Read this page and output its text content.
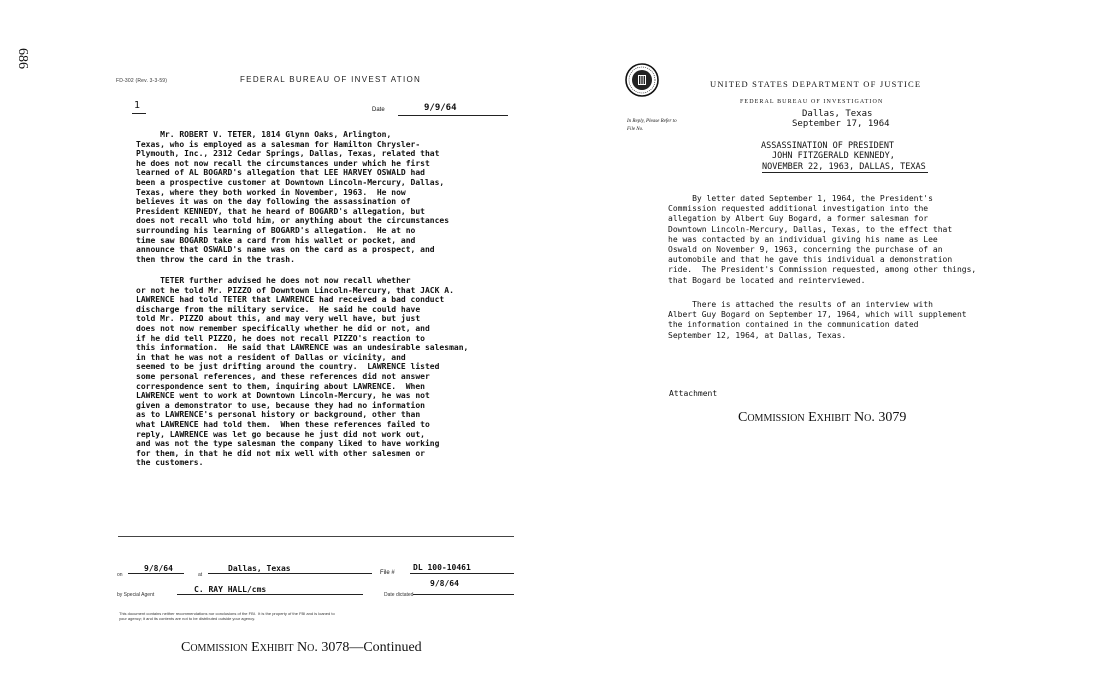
686
FD-302 (Rev. 3-3-59)	FEDERAL BUREAU OF INVEST ATION
1	Date	9/9/64
Mr. ROBERT V. TETER, 1814 Glynn Oaks, Arlington,
Texas, who is employed as a salesman for Hamilton Chrysler-
Plymouth, Inc., 2312 Cedar Springs, Dallas, Texas, related that
he does not now recall the circumstances under which he first
learned of AL BOGARD's allegation that LEE HARVEY OSWALD had
been a prospective customer at Downtown Lincoln-Mercury, Dallas,
Texas, where they both worked in November, 1963.  He now
believes it was on the day following the assassination of
President KENNEDY, that he heard of BOGARD's allegation, but
does not recall who told him, or anything about the circumstances
surrounding his learning of BOGARD's allegation.  He at no
time saw BOGARD take a card from his wallet or pocket, and
announce that OSWALD's name was on the card as a prospect, and
then throw the card in the trash.
TETER further advised he does not now recall whether
or not he told Mr. PIZZO of Downtown Lincoln-Mercury, that JACK A.
LAWRENCE had told TETER that LAWRENCE had received a bad conduct
discharge from the military service.  He said he could have
told Mr. PIZZO about this, and may very well have, but just
does not now remember specifically whether he did or not, and
if he did tell PIZZO, he does not recall PIZZO's reaction to
this information.  He said that LAWRENCE was an undesirable salesman,
in that he was not a resident of Dallas or vicinity, and
seemed to be just drifting around the country.  LAWRENCE listed
some personal references, and these references did not answer
correspondence sent to them, inquiring about LAWRENCE.  When
LAWRENCE went to work at Downtown Lincoln-Mercury, he was not
given a demonstrator to use, because they had no information
as to LAWRENCE's personal history or background, other than
what LAWRENCE had told them.  When these references failed to
reply, LAWRENCE was let go because he just did not work out,
and was not the type salesman the company liked to have working
for them, in that he did not mix well with other salesmen or
the customers.
on
9/8/64
at
Dallas, Texas	File #
DL 100-10461
by Special Agent
C. RAY HALL/cms
Date dictated
9/8/64
This document contains neither recommendations nor conclusions of the FBI.  It is the property of the FBI and is loaned to
your agency; it and its contents are not to be distributed outside your agency.
Commission Exhibit No. 3078—Continued
UNITED STATES DEPARTMENT OF JUSTICE
FEDERAL BUREAU OF INVESTIGATION
Dallas, Texas
September 17, 1964
In Reply, Please Refer to
File No.
ASSASSINATION OF PRESIDENT
JOHN FITZGERALD KENNEDY,
NOVEMBER 22, 1963, DALLAS, TEXAS
By letter dated September 1, 1964, the President's
Commission requested additional investigation into the
allegation by Albert Guy Bogard, a former salesman for
Downtown Lincoln-Mercury, Dallas, Texas, to the effect that
he was contacted by an individual giving his name as Lee
Oswald on November 9, 1963, concerning the purchase of an
automobile and that he gave this individual a demonstration
ride.  The President's Commission requested, among other things,
that Bogard be located and reinterviewed.
There is attached the results of an interview with
Albert Guy Bogard on September 17, 1964, which will supplement
the information contained in the communication dated
September 12, 1964, at Dallas, Texas.
Attachment
Commission Exhibit No. 3079
